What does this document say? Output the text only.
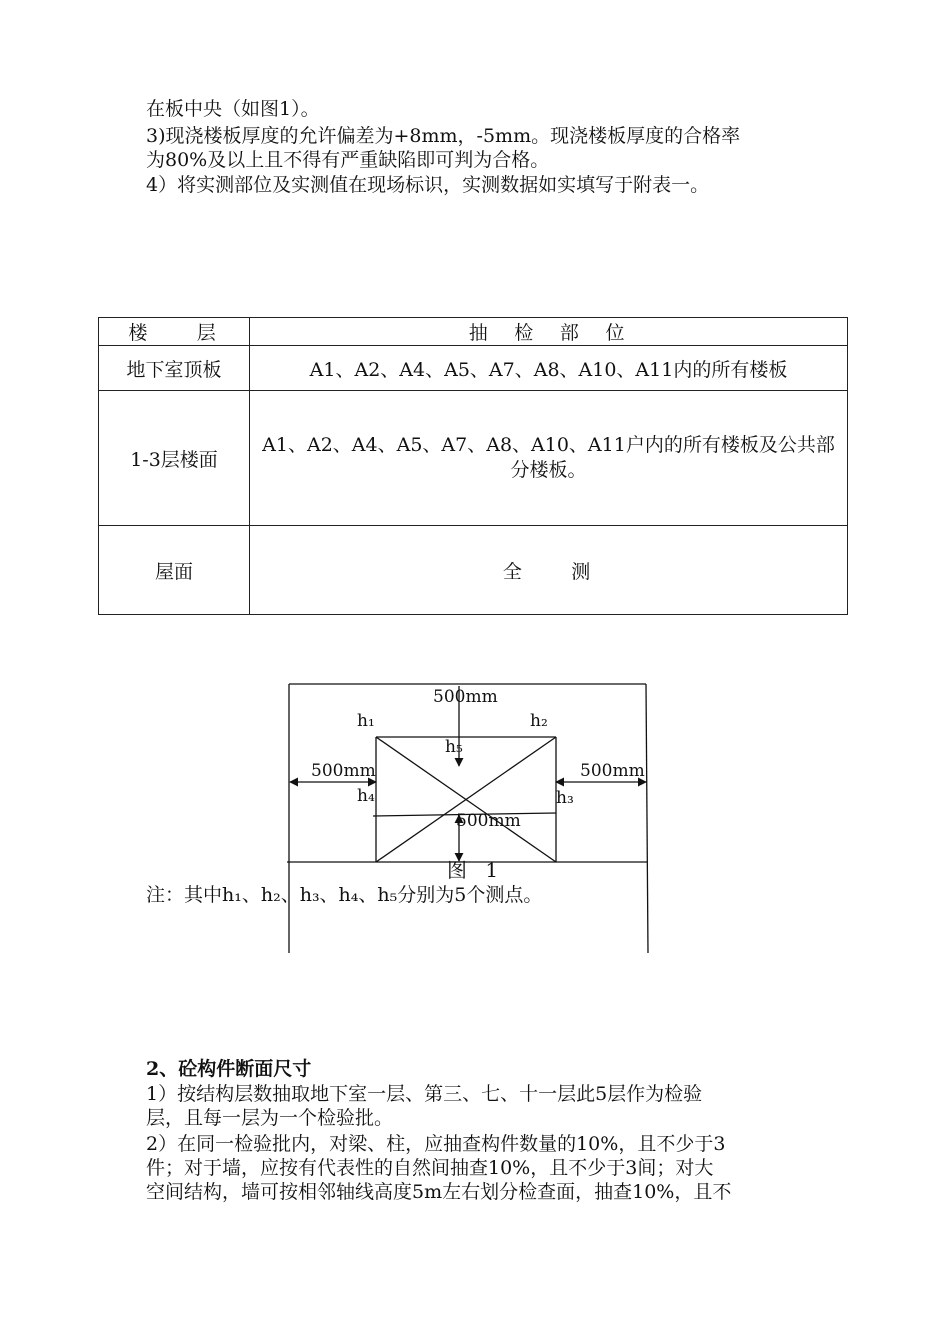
在板中央（如图1）。
3)现浇楼板厚度的允许偏差为+8mm，-5mm。现浇楼板厚度的合格率
为80%及以上且不得有严重缺陷即可判为合格。
4）将实测部位及实测值在现场标识，实测数据如实填写于附表一。
楼　　层	抽　检　部　位
地下室顶板	A1、A2、A4、A5、A7、A8、A10、A11内的所有楼板
1-3层楼面	A1、A2、A4、A5、A7、A8、A10、A11户内的所有楼板及公共部分楼板。
屋面	全　　测
500mm
h₁	h₂
h₅
500mm	500mm
h₄	h₃
500mm
图 1
注：其中h₁、h₂、h₃、h₄、h₅分别为5个测点。
2、砼构件断面尺寸
1）按结构层数抽取地下室一层、第三、七、十一层此5层作为检验
层，且每一层为一个检验批。
2）在同一检验批内，对梁、柱，应抽查构件数量的10%，且不少于3
件；对于墙，应按有代表性的自然间抽查10%，且不少于3间；对大
空间结构，墙可按相邻轴线高度5m左右划分检查面，抽查10%，且不
